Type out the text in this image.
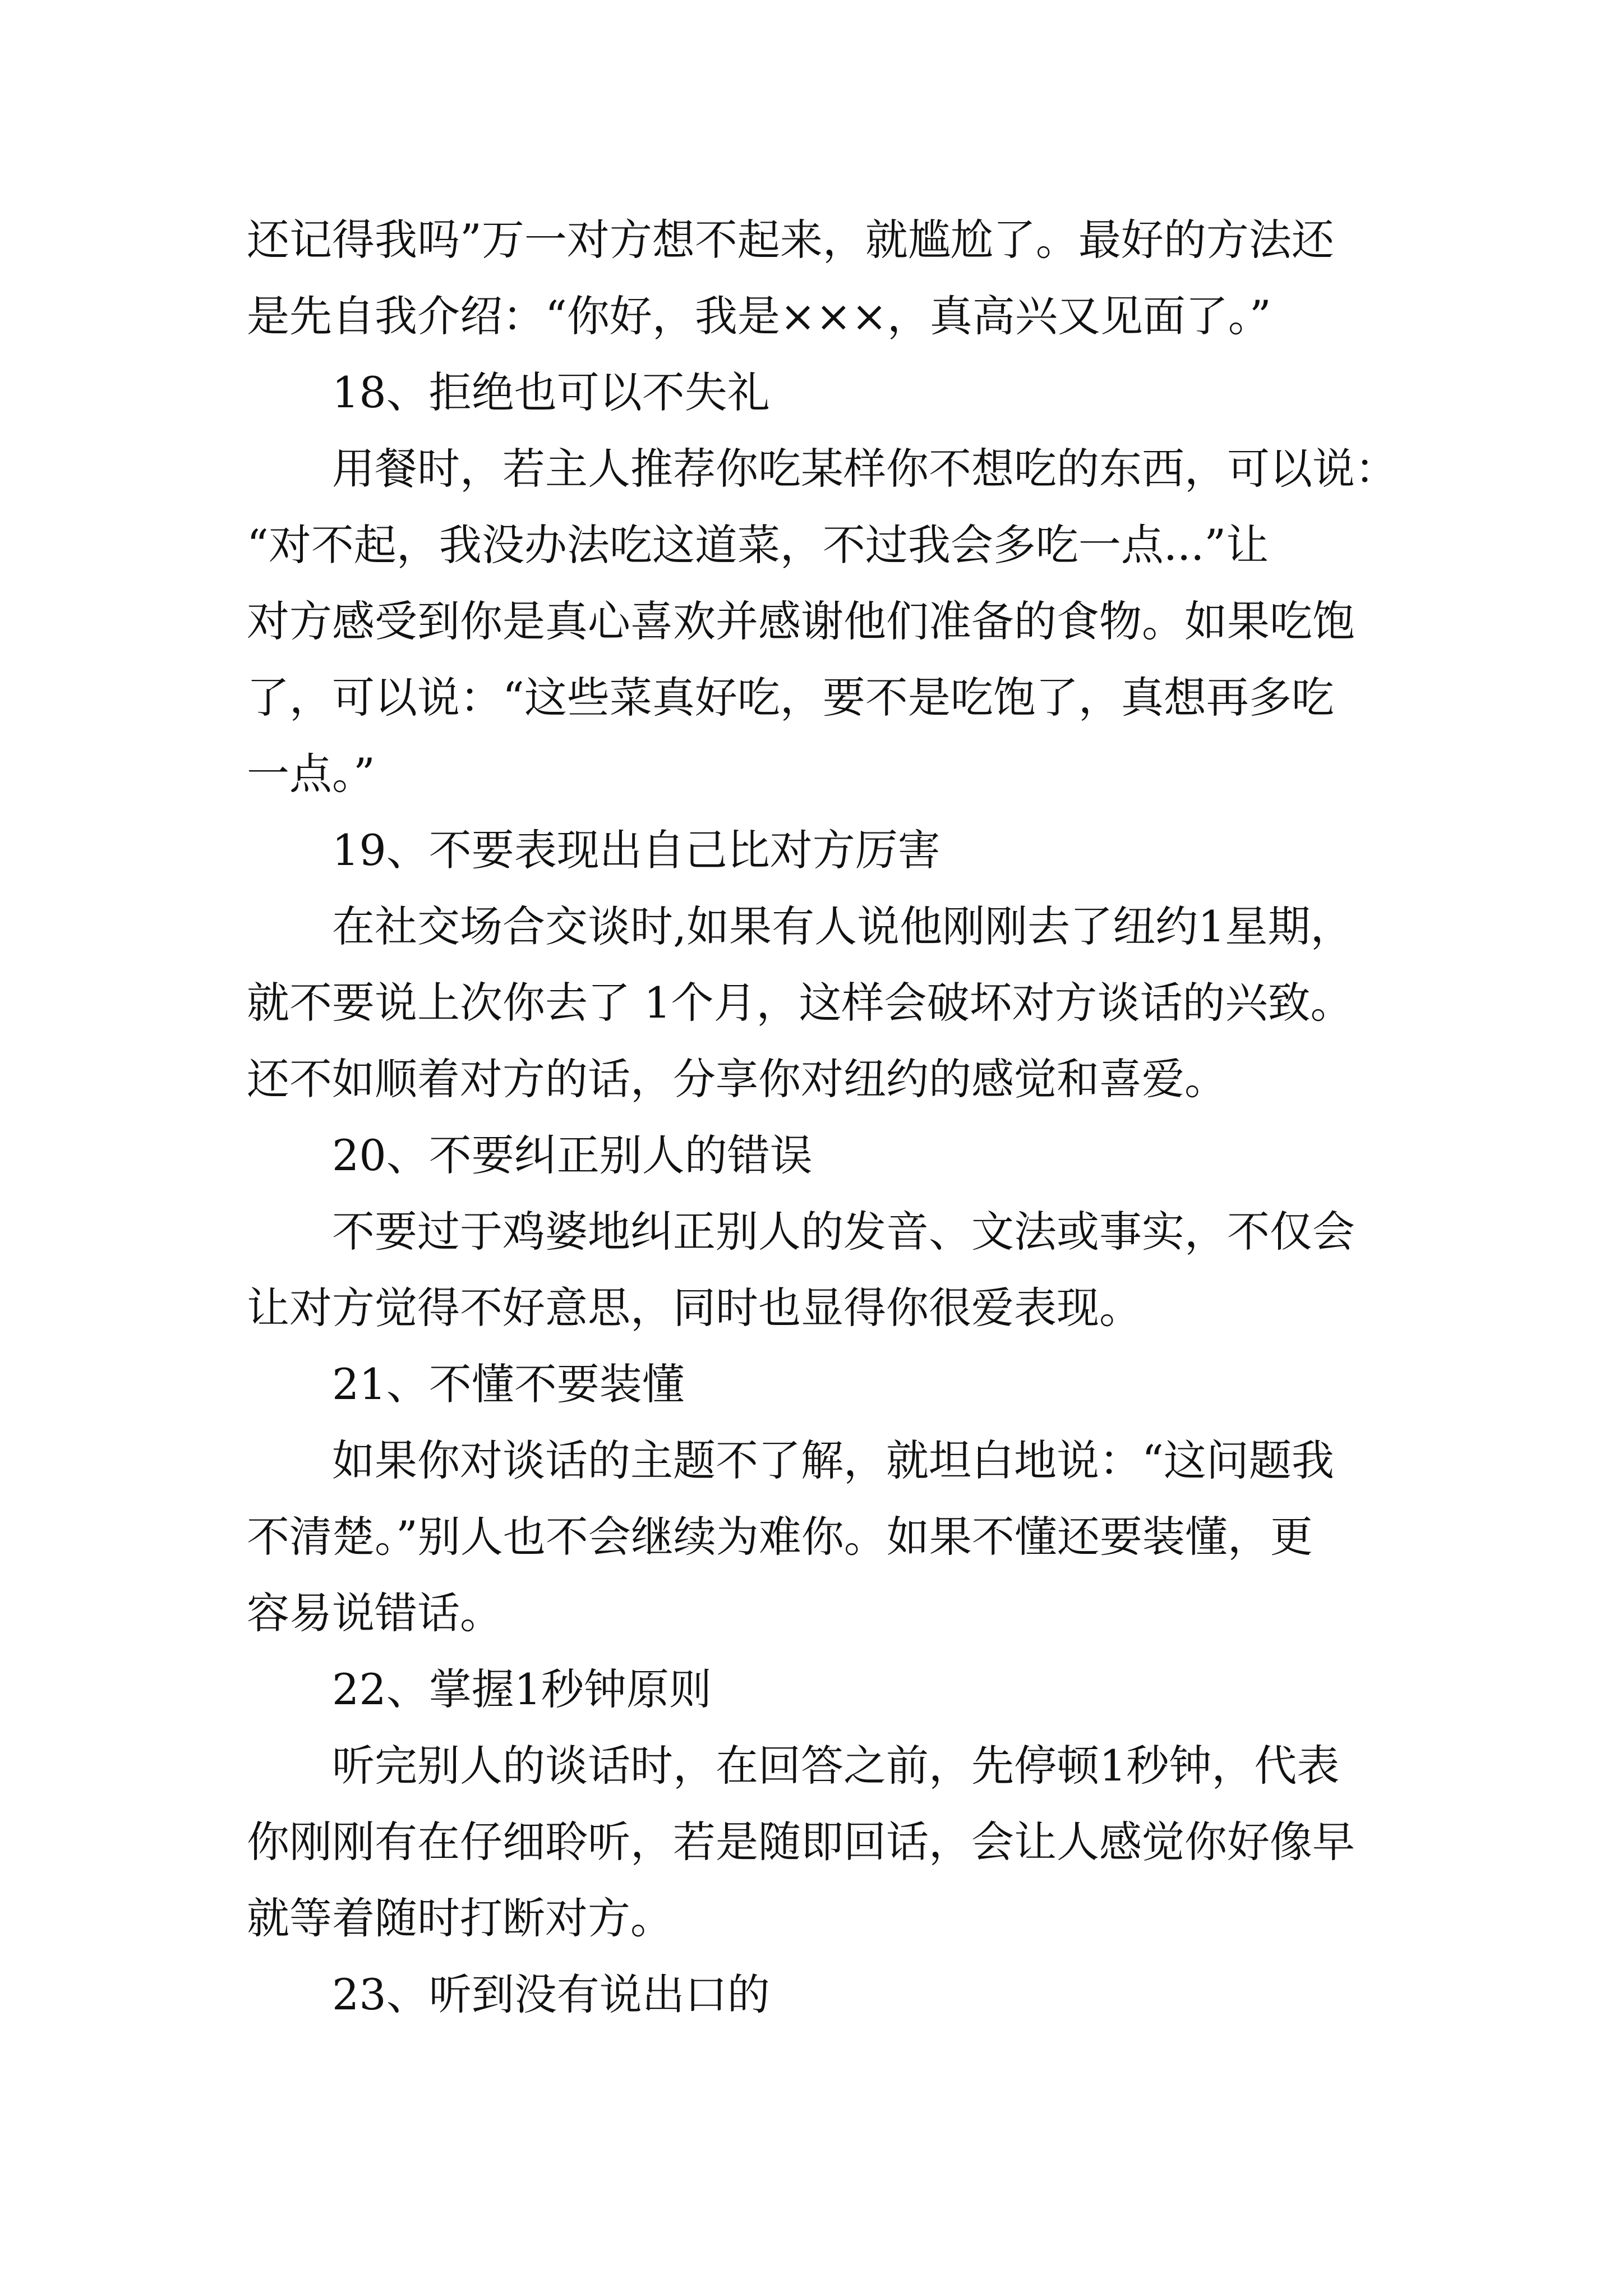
还记得我吗”万一对方想不起来，就尴尬了。最好的方法还
是先自我介绍：“你好，我是×××，真高兴又见面了。”
18、拒绝也可以不失礼
用餐时，若主人推荐你吃某样你不想吃的东西，可以说：
“对不起，我没办法吃这道菜，不过我会多吃一点...”让
对方感受到你是真心喜欢并感谢他们准备的食物。如果吃饱
了，可以说：“这些菜真好吃，要不是吃饱了，真想再多吃
一点。”
19、不要表现出自己比对方厉害
在社交场合交谈时,如果有人说他刚刚去了纽约1星期，
就不要说上次你去了 1个月，这样会破坏对方谈话的兴致。
还不如顺着对方的话，分享你对纽约的感觉和喜爱。
20、不要纠正别人的错误
不要过于鸡婆地纠正别人的发音、文法或事实，不仅会
让对方觉得不好意思，同时也显得你很爱表现。
21、不懂不要装懂
如果你对谈话的主题不了解，就坦白地说：“这问题我
不清楚。”别人也不会继续为难你。如果不懂还要装懂，更
容易说错话。
22、掌握1秒钟原则
听完别人的谈话时，在回答之前，先停顿1秒钟，代表
你刚刚有在仔细聆听，若是随即回话，会让人感觉你好像早
就等着随时打断对方。
23、听到没有说出口的
